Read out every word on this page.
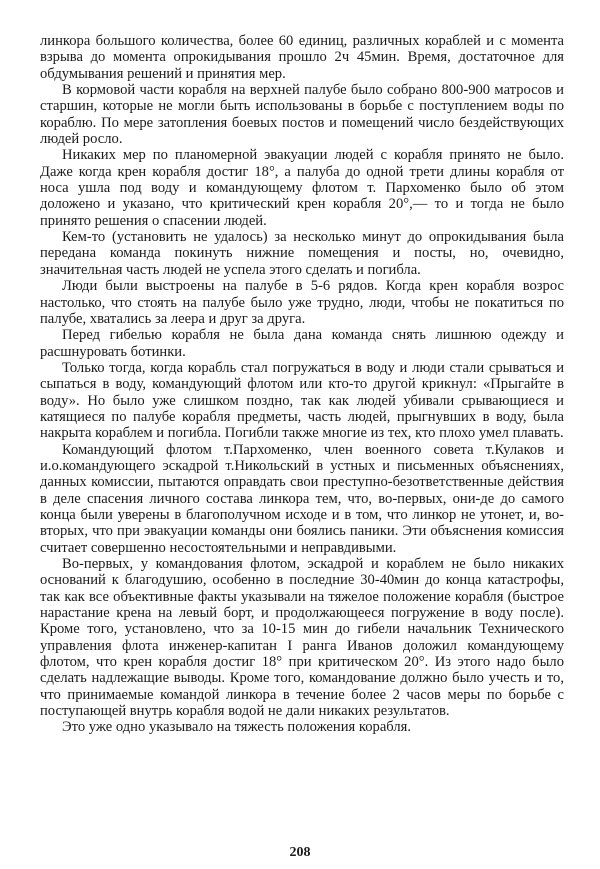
линкора большого количества, более 60 единиц, различных кораблей и с момента взрыва до момента опрокидывания прошло 2ч 45мин. Время, достаточное для обдумывания решений и принятия мер.

В кормовой части корабля на верхней палубе было собрано 800-900 матросов и старшин, которые не могли быть использованы в борьбе с поступлением воды по кораблю. По мере затопления боевых постов и помещений число бездействующих людей росло.

Никаких мер по планомерной эвакуации людей с корабля принято не было. Даже когда крен корабля достиг 18°, а палуба до одной трети длины корабля от носа ушла под воду и командующему флотом т. Пархоменко было об этом доложено и указано, что критический крен корабля 20°,— то и тогда не было принято решения о спасении людей.

Кем-то (установить не удалось) за несколько минут до опрокидывания была передана команда покинуть нижние помещения и посты, но, очевидно, значительная часть людей не успела этого сделать и погибла.

Люди были выстроены на палубе в 5-6 рядов. Когда крен корабля возрос настолько, что стоять на палубе было уже трудно, люди, чтобы не покатиться по палубе, хватались за леера и друг за друга.

Перед гибелью корабля не была дана команда снять лишнюю одежду и расшнуровать ботинки.

Только тогда, когда корабль стал погружаться в воду и люди стали срываться и сыпаться в воду, командующий флотом или кто-то другой крикнул: «Прыгайте в воду». Но было уже слишком поздно, так как людей убивали срывающиеся и катящиеся по палубе корабля предметы, часть людей, прыгнувших в воду, была накрыта кораблем и погибла. Погибли также многие из тех, кто плохо умел плавать.

Командующий флотом т.Пархоменко, член военного совета т.Кулаков и и.о.командующего эскадрой т.Никольский в устных и письменных объяснениях, данных комиссии, пытаются оправдать свои преступно-безответственные действия в деле спасения личного состава линкора тем, что, во-первых, они-де до самого конца были уверены в благополучном исходе и в том, что линкор не утонет, и, во-вторых, что при эвакуации команды они боялись паники. Эти объяснения комиссия считает совершенно несостоятельными и неправдивыми.

Во-первых, у командования флотом, эскадрой и кораблем не было никаких оснований к благодушию, особенно в последние 30-40мин до конца катастрофы, так как все объективные факты указывали на тяжелое положение корабля (быстрое нарастание крена на левый борт, и продолжающееся погружение в воду после). Кроме того, установлено, что за 10-15 мин до гибели начальник Технического управления флота инженер-капитан I ранга Иванов доложил командующему флотом, что крен корабля достиг 18° при критическом 20°. Из этого надо было сделать надлежащие выводы. Кроме того, командование должно было учесть и то, что принимаемые командой линкора в течение более 2 часов меры по борьбе с поступающей внутрь корабля водой не дали никаких результатов.

Это уже одно указывало на тяжесть положения корабля.

208
